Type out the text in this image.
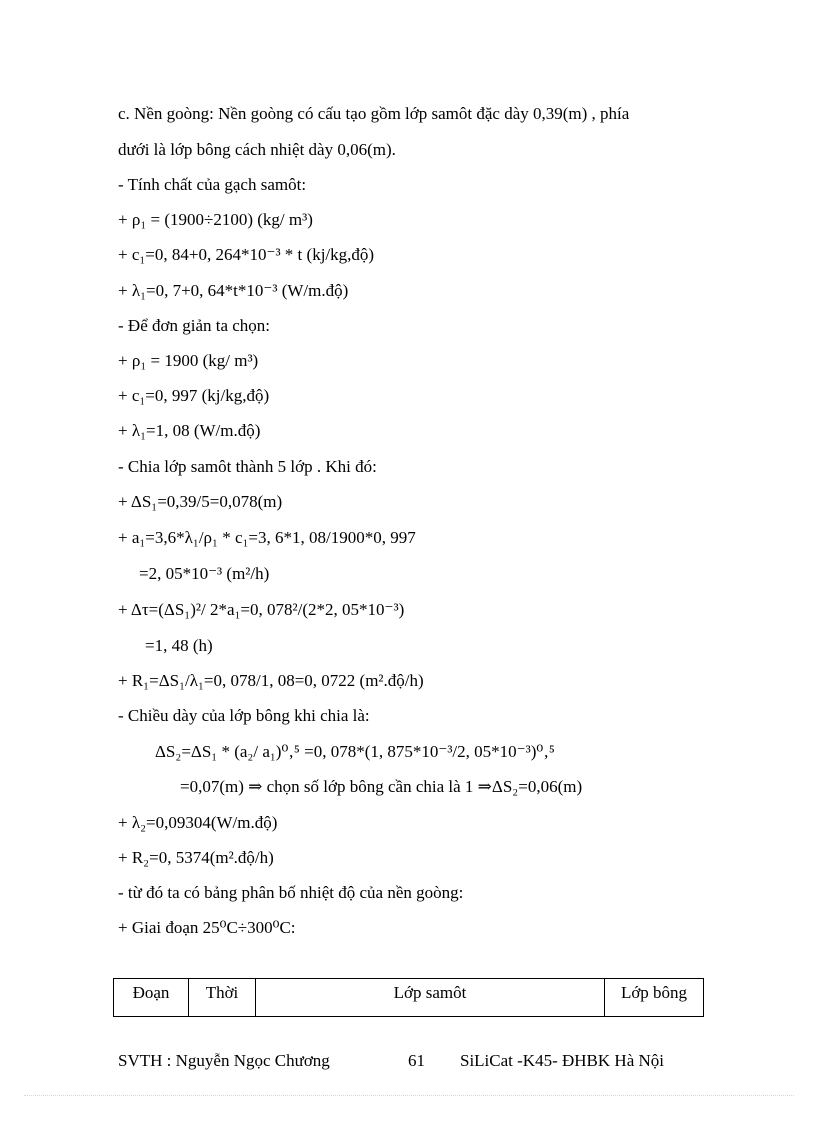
c. Nền goòng: Nền goòng có cấu tạo gồm lớp samôt đặc dày 0,39(m) , phía
dưới là lớp bông cách nhiệt dày 0,06(m).
- Tính chất của gạch samôt:
+ ρ₁ = (1900÷2100) (kg/ m³)
+ c₁=0, 84+0, 264*10⁻³ * t (kj/kg,độ)
+ λ₁=0, 7+0, 64*t*10⁻³ (W/m.độ)
- Để đơn giản ta chọn:
+ ρ₁ = 1900 (kg/ m³)
+ c₁=0, 997 (kj/kg,độ)
+ λ₁=1, 08 (W/m.độ)
- Chia lớp samôt thành 5 lớp . Khi đó:
+ ΔS₁=0,39/5=0,078(m)
+ a₁=3,6*λ₁/ρ₁ * c₁=3, 6*1, 08/1900*0, 997
=2, 05*10⁻³ (m²/h)
+ Δτ=(ΔS₁)²/ 2*a₁=0, 078²/(2*2, 05*10⁻³)
=1, 48 (h)
+ R₁=ΔS₁/λ₁=0, 078/1, 08=0, 0722 (m².độ/h)
- Chiều dày của lớp bông khi chia là:
ΔS₂=ΔS₁ * (a₂/ a₁)⁰‚⁵ =0, 078*(1, 875*10⁻³/2, 05*10⁻³)⁰‚⁵
=0,07(m) ⇒ chọn số lớp bông cần chia là 1 ⇒ΔS₂=0,06(m)
+ λ₂=0,09304(W/m.độ)
+ R₂=0, 5374(m².độ/h)
- từ đó ta có bảng phân bố nhiệt độ của nền goòng:
+ Giai đoạn 25⁰C÷300⁰C:
Đoạn	Thời	Lớp samôt	Lớp bông
SVTH : Nguyễn Ngọc Chương	61 SiLiCat -K45- ĐHBK Hà Nội
